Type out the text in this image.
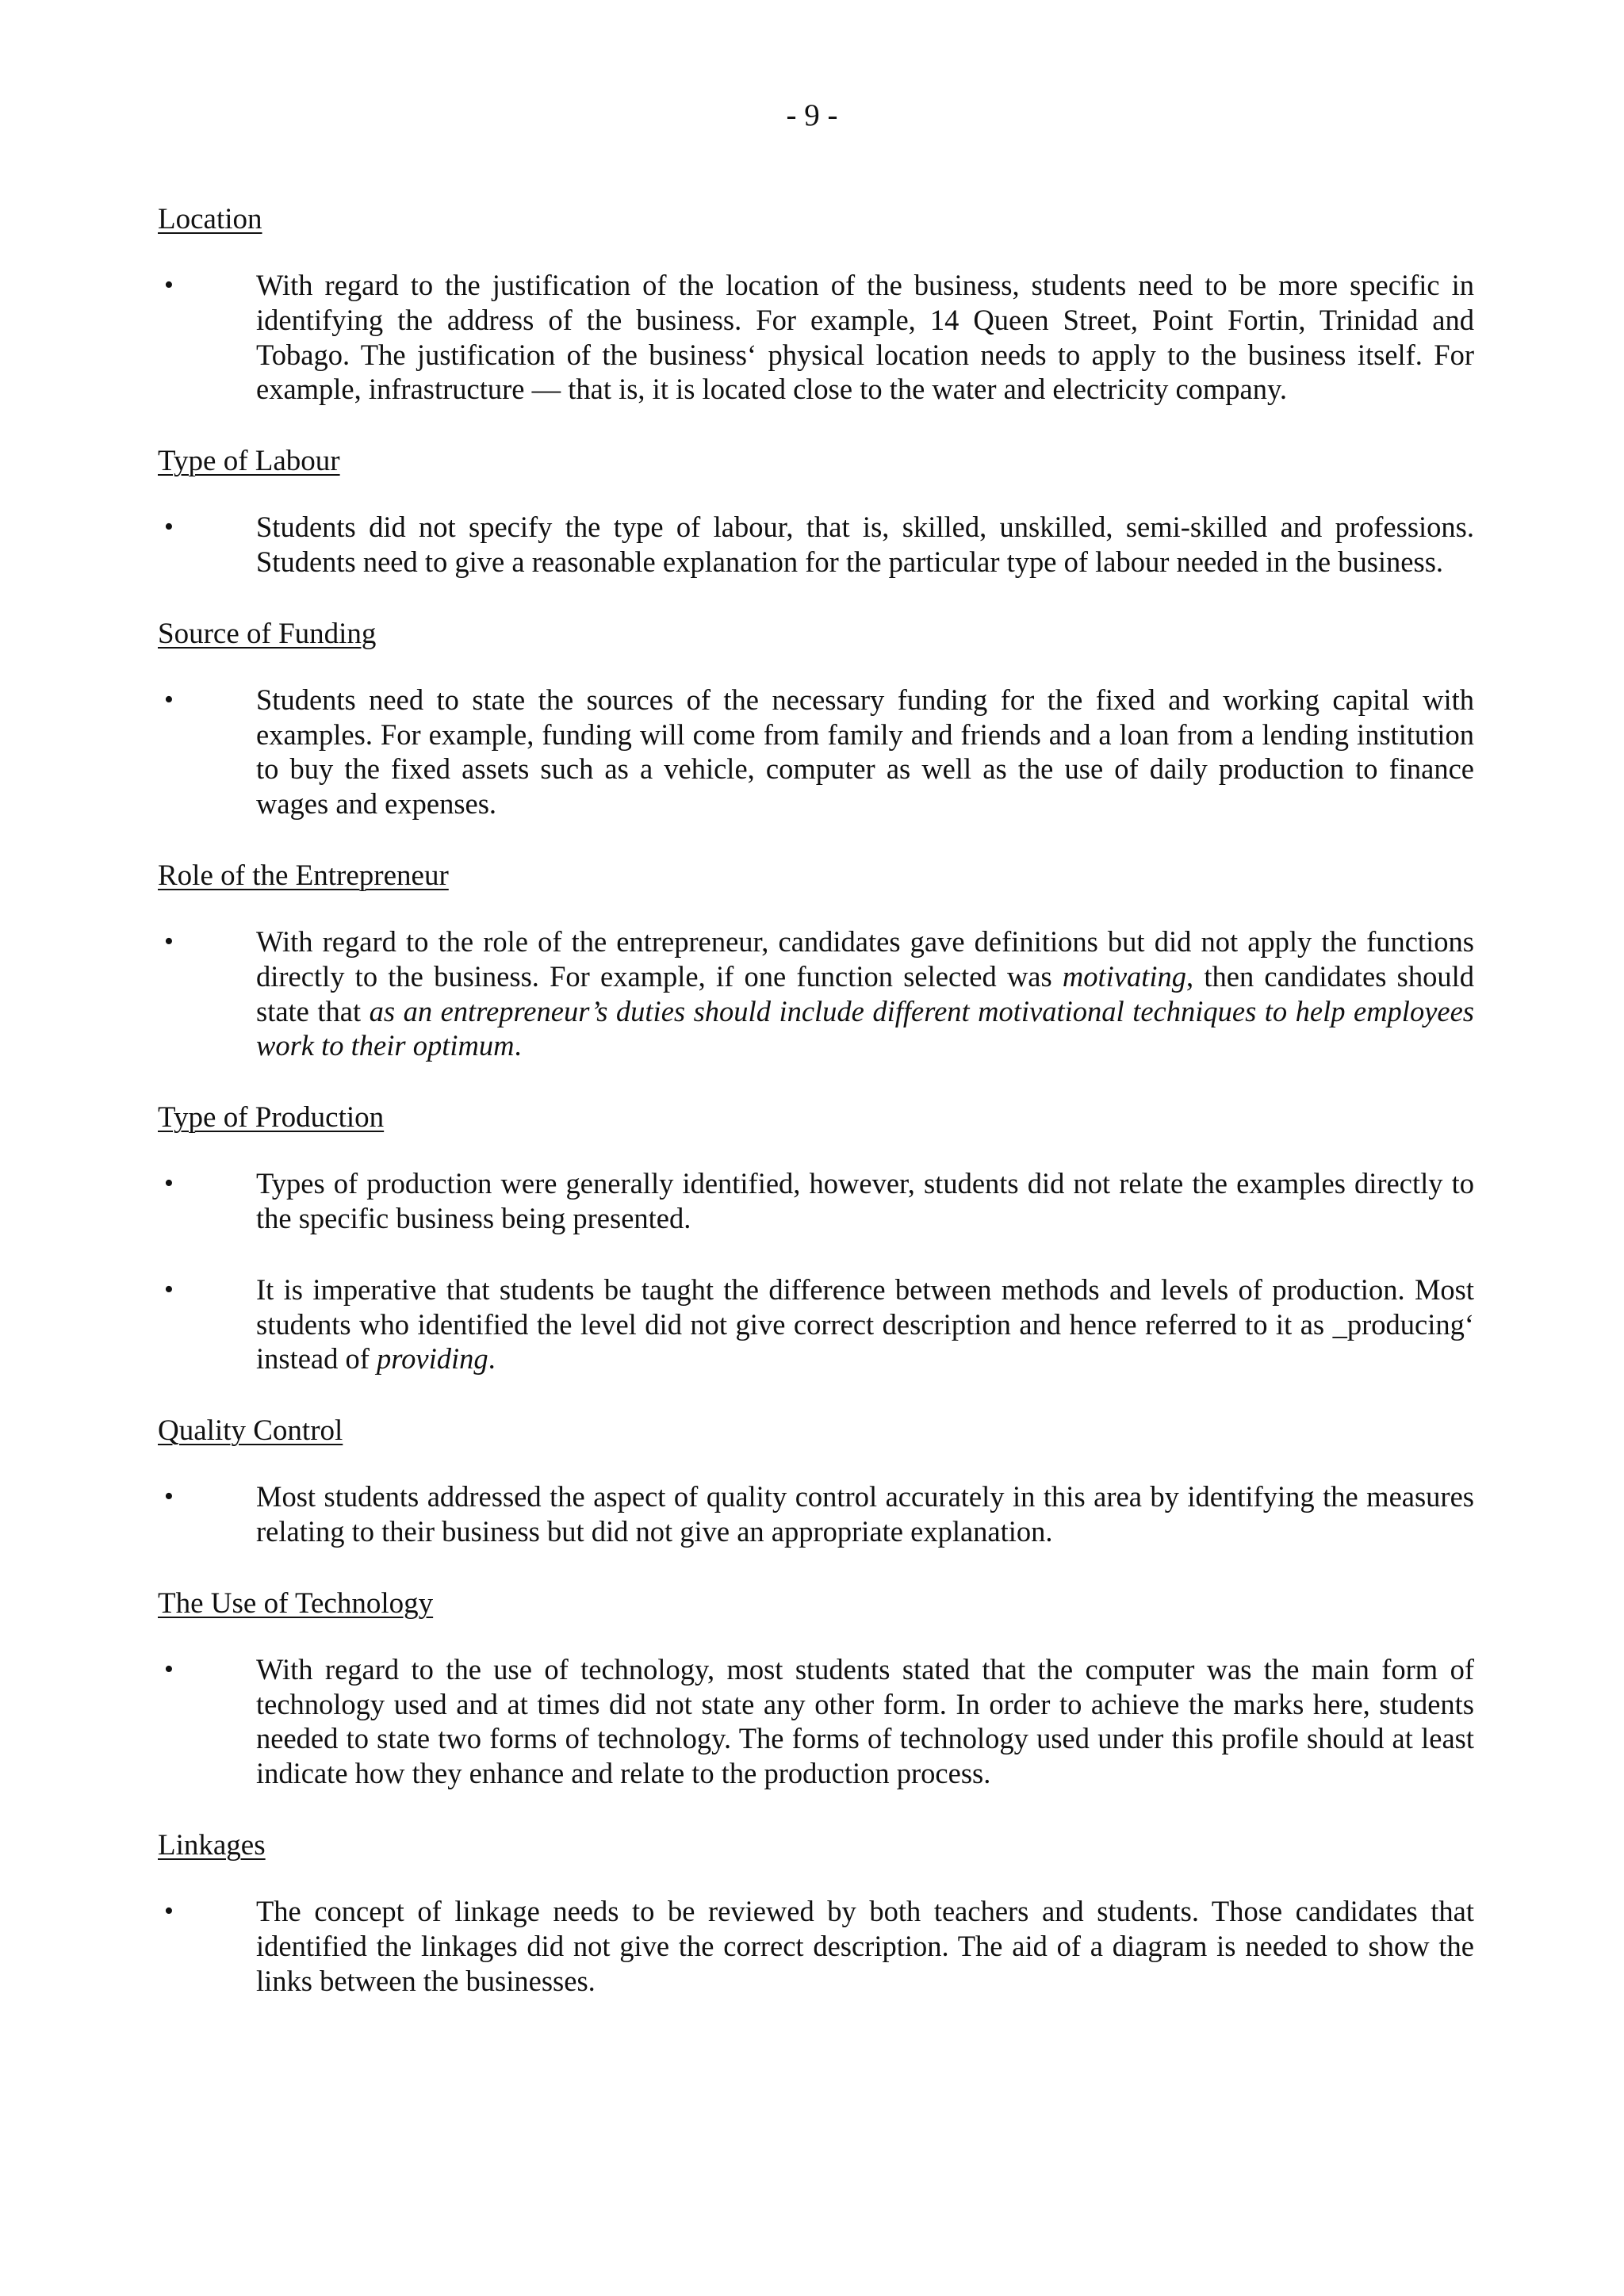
- 9 -

Location

•	With regard to the justification of the location of the business, students need to be more specific in identifying the address of the business. For example, 14 Queen Street, Point Fortin, Trinidad and Tobago. The justification of the business‘ physical location needs to apply to the business itself. For example, infrastructure — that is, it is located close to the water and electricity company.

Type of Labour

•	Students did not specify the type of labour, that is, skilled, unskilled, semi-skilled and professions. Students need to give a reasonable explanation for the particular type of labour needed in the business.

Source of Funding

•	Students need to state the sources of the necessary funding for the fixed and working capital with examples. For example, funding will come from family and friends and a loan from a lending institution to buy the fixed assets such as a vehicle, computer as well as the use of daily production to finance wages and expenses.

Role of the Entrepreneur

•	With regard to the role of the entrepreneur, candidates gave definitions but did not apply the functions directly to the business. For example, if one function selected was motivating, then candidates should state that as an entrepreneur’s duties should include different motivational techniques to help employees work to their optimum.

Type of Production

•	Types of production were generally identified, however, students did not relate the examples directly to the specific business being presented.
•	It is imperative that students be taught the difference between methods and levels of production. Most students who identified the level did not give correct description and hence referred to it as _producing‘ instead of providing.

Quality Control

•	Most students addressed the aspect of quality control accurately in this area by identifying the measures relating to their business but did not give an appropriate explanation.

The Use of Technology

•	With regard to the use of technology, most students stated that the computer was the main form of technology used and at times did not state any other form. In order to achieve the marks here, students needed to state two forms of technology. The forms of technology used under this profile should at least indicate how they enhance and relate to the production process.

Linkages

•	The concept of linkage needs to be reviewed by both teachers and students. Those candidates that identified the linkages did not give the correct description. The aid of a diagram is needed to show the links between the businesses.
